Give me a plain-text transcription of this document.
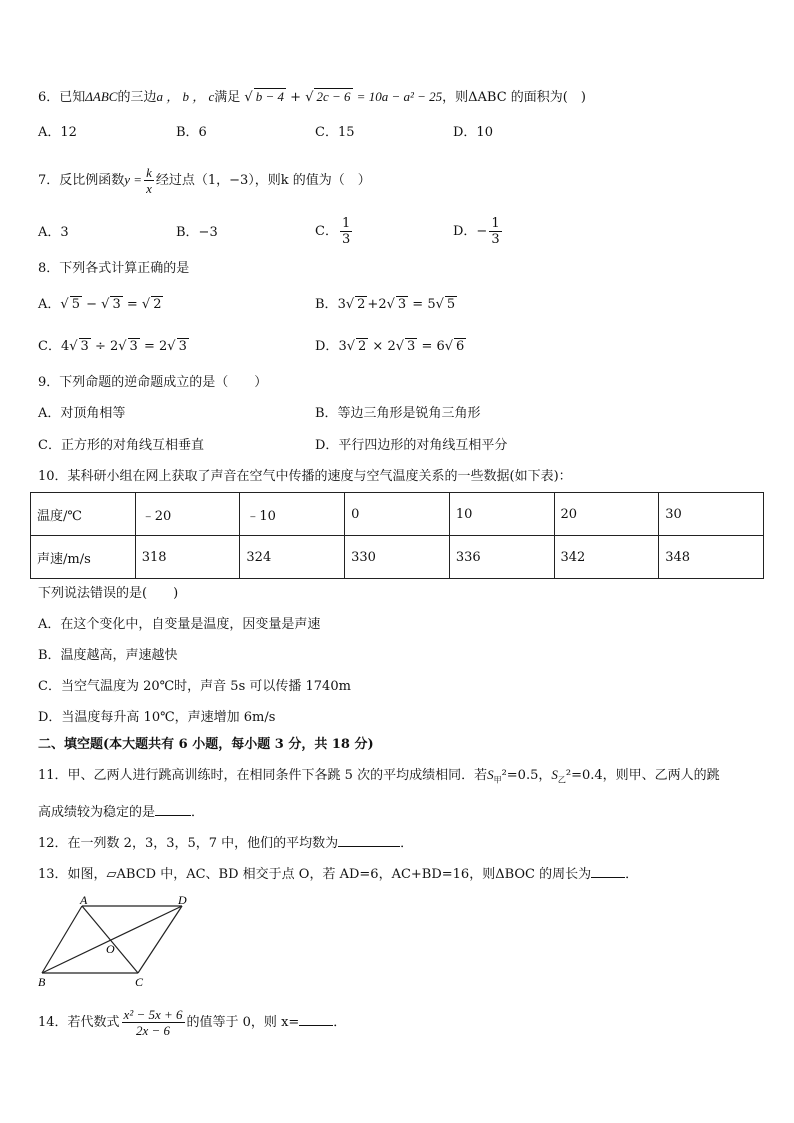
6．已知ΔABC的三边a ， b ， c满足 √ b − 4 + √ 2c − 6 = 10a − a² − 25，则ΔABC 的面积为(　)
A．12	B．6	C．15	D．10
7．反比例函数$y = \frac{k}{x}$ 经过点（1，−3），则k 的值为（　）
A．3	B．−3	C． $\frac{1}{3}$	D．− $\frac{1}{3}$
8．下列各式计算正确的是
A．√ 5 − √ 3 = √ 2	B．3√ 2 +2√ 3 = 5√ 5
C．4√ 3 ÷ 2√ 3 = 2√ 3	D．3√ 2 × 2√ 3 = 6√ 6
9．下列命题的逆命题成立的是（　　）
A．对顶角相等	B．等边三角形是锐角三角形
C．正方形的对角线互相垂直	D．平行四边形的对角线互相平分
10．某科研小组在网上获取了声音在空气中传播的速度与空气温度关系的一些数据(如下表)：
温度/℃	﹣20	﹣10	0	10	20	30
声速/m/s	318	324	330	336	342	348
下列说法错误的是(　　)
A．在这个变化中，自变量是温度，因变量是声速
B．温度越高，声速越快
C．当空气温度为 20℃时，声音 5s 可以传播 1740m
D．当温度每升高 10℃，声速增加 6m/s
二、填空题(本大题共有 6 小题，每小题 3 分，共 18 分)
11．甲、乙两人进行跳高训练时，在相同条件下各跳 5 次的平均成绩相同．若$S_甲^2=0.5$，$S_乙^2=0.4$，则甲、乙两人的跳
高成绩较为稳定的是	．
12．在一列数 2，3，3，5，7 中，他们的平均数为	．
13．如图，▱ABCD 中，AC、BD 相交于点 O，若 AD=6，AC+BD=16，则ΔBOC 的周长为	．
A	D
O
B	C
14．若代数式 $\frac{\text{x² − 5x + 6}}{2x - 6}$ 的值等于 0，则 x=	．
